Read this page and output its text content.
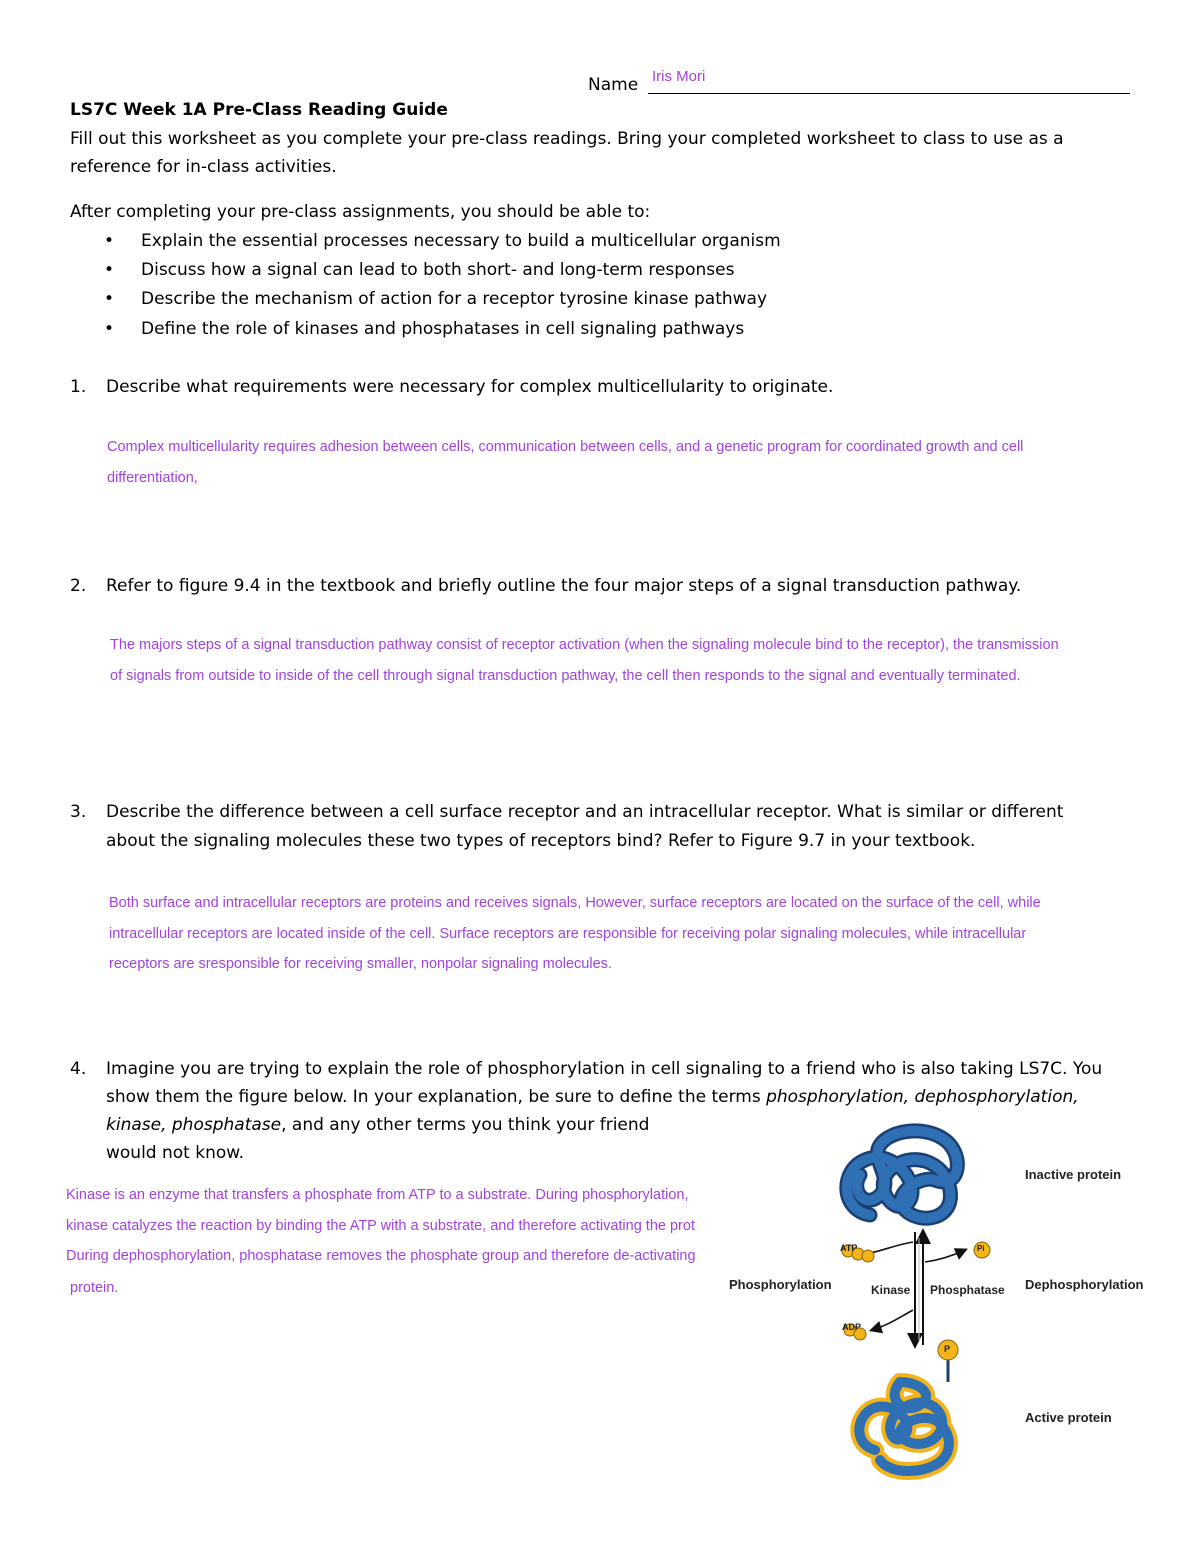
Name Iris Mori
LS7C Week 1A Pre-Class Reading Guide
Fill out this worksheet as you complete your pre-class readings. Bring your completed worksheet to class to use as a
reference for in-class activities.
After completing your pre-class assignments, you should be able to:
• Explain the essential processes necessary to build a multicellular organism
• Discuss how a signal can lead to both short- and long-term responses
• Describe the mechanism of action for a receptor tyrosine kinase pathway
• Define the role of kinases and phosphatases in cell signaling pathways
1. Describe what requirements were necessary for complex multicellularity to originate.
Complex multicellularity requires adhesion between cells, communication between cells, and a genetic program for coordinated growth and cell
differentiation,
2. Refer to figure 9.4 in the textbook and briefly outline the four major steps of a signal transduction pathway.
The majors steps of a signal transduction pathway consist of receptor activation (when the signaling molecule bind to the receptor), the transmission
of signals from outside to inside of the cell through signal transduction pathway, the cell then responds to the signal and eventually terminated.
3. Describe the difference between a cell surface receptor and an intracellular receptor. What is similar or different
about the signaling molecules these two types of receptors bind? Refer to Figure 9.7 in your textbook.
Both surface and intracellular receptors are proteins and receives signals, However, surface receptors are located on the surface of the cell, while
intracellular receptors are located inside of the cell. Surface receptors are responsible for receiving polar signaling molecules, while intracellular
receptors are sresponsible for receiving smaller, nonpolar signaling molecules.
4. Imagine you are trying to explain the role of phosphorylation in cell signaling to a friend who is also taking LS7C. You
show them the figure below. In your explanation, be sure to define the terms phosphorylation, dephosphorylation,
kinase, phosphatase, and any other terms you think your friend
would not know.
Kinase is an enzyme that transfers a phosphate from ATP to a substrate. During phosphorylation,
kinase catalyzes the reaction by binding the ATP with a substrate, and therefore activating the prot
During dephosphorylation, phosphatase removes the phosphate group and therefore de-activating
protein.
Inactive protein
Active protein
Phosphorylation	Dephosphorylation
Kinase Phosphatase
ATP
ADP
Pi
P
